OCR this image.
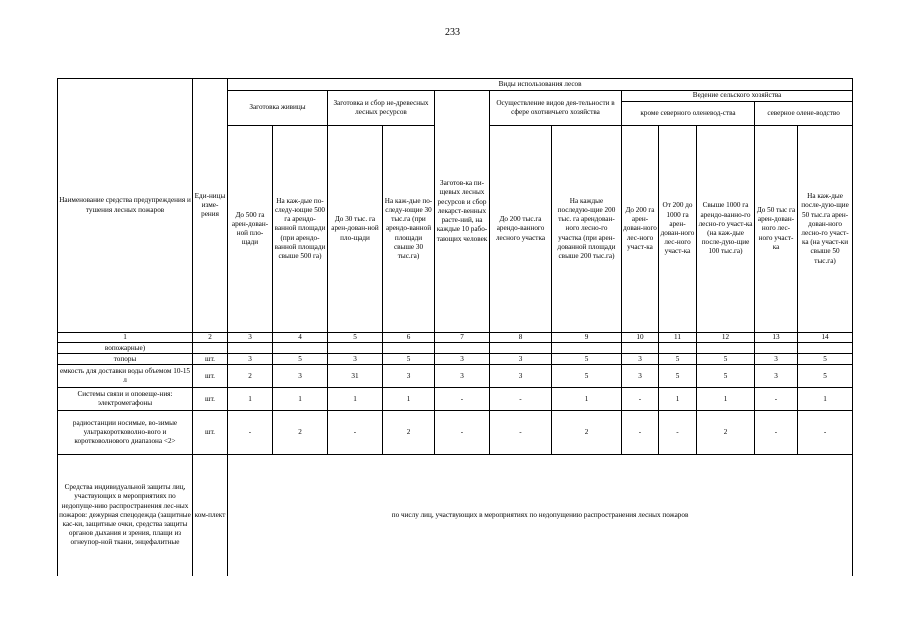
233
Наименование средства предупреждения и тушения лесных пожаров	Еди-ницы изме-рения	Виды использования лесов											
		Заготовка живицы		Заготовка и сбор не-древесных лесных ресурсов		Заготов-ка пи-щевых лесных ресурсов и сбор лекарст-венных расте-ний, на каждые 10 рабо-тающих человек	Осуществление видов дея-тельности в сфере охотничьего хозяйства		Ведение сельского хозяйства				
									кроме северного оленевод-ства			северное олене-водство	
		До 500 га арен-дован-ной пло-щади	На каж-дые по-следу-ющие 500 га арендо-ванной площади (при арендо-ванной площади свыше 500 га)	До 30 тыс. га арен-дован-ной пло-щади	На каж-дые по-следу-ющие 30 тыс.га (при арендо-ванной площади свыше 30 тыс.га)		До 200 тыс.га арендо-ванного лесного участка	На каждые последую-щие 200 тыс. га арендован-ного лесно-го участка (при арен-дованной площади свыше 200 тыс.га)	До 200 га арен-дован-ного лес-ного участ-ка	От 200 до 1000 га арен-дован-ного лес-ного участ-ка	Свыше 1000 га арендо-ванно-го лесно-го участ-ка (на каж-дые после-дую-щие 100 тыс.га)	До 50 тыс га арен-дован-ного лес-ного участ-ка	На каж-дые после-дую-щие 50 тыс.га арен-дован-ного лесно-го участ-ка (на участ-ки свыше 50 тыс.га)
1	2	3	4	5	6	7	8	9	10	11	12	13	14
вопожарные)													
топоры	шт.	3	5	3	5	3	3	5	3	5	5	3	5
емкость для доставки воды объемом 10-15 л	шт.	2	3	31	3	3	3	5	3	5	5	3	5
Системы связи и оповеще-ния: электромегафоны	шт.	1	1	1	1	-	-	1	-	1	1	-	1
радиостанции носимые, во-зимые ультракоротковолно-вого и коротковолнового диапазона <2>	шт.	-	2	-	2	-	-	2	-	-	2	-	-
Средства индивидуальной защиты лиц, участвующих в мероприятиях по недопуще-нию распространения лес-ных пожаров: дежурная спецодежда (защитные кас-ки, защитные очки, средства защиты органов дыхания и зрения, плащи из огнеупор-ной ткани, энцефалитные	ком-плект	по числу лиц, участвующих в мероприятиях по недопущению распространения лесных пожаров											
